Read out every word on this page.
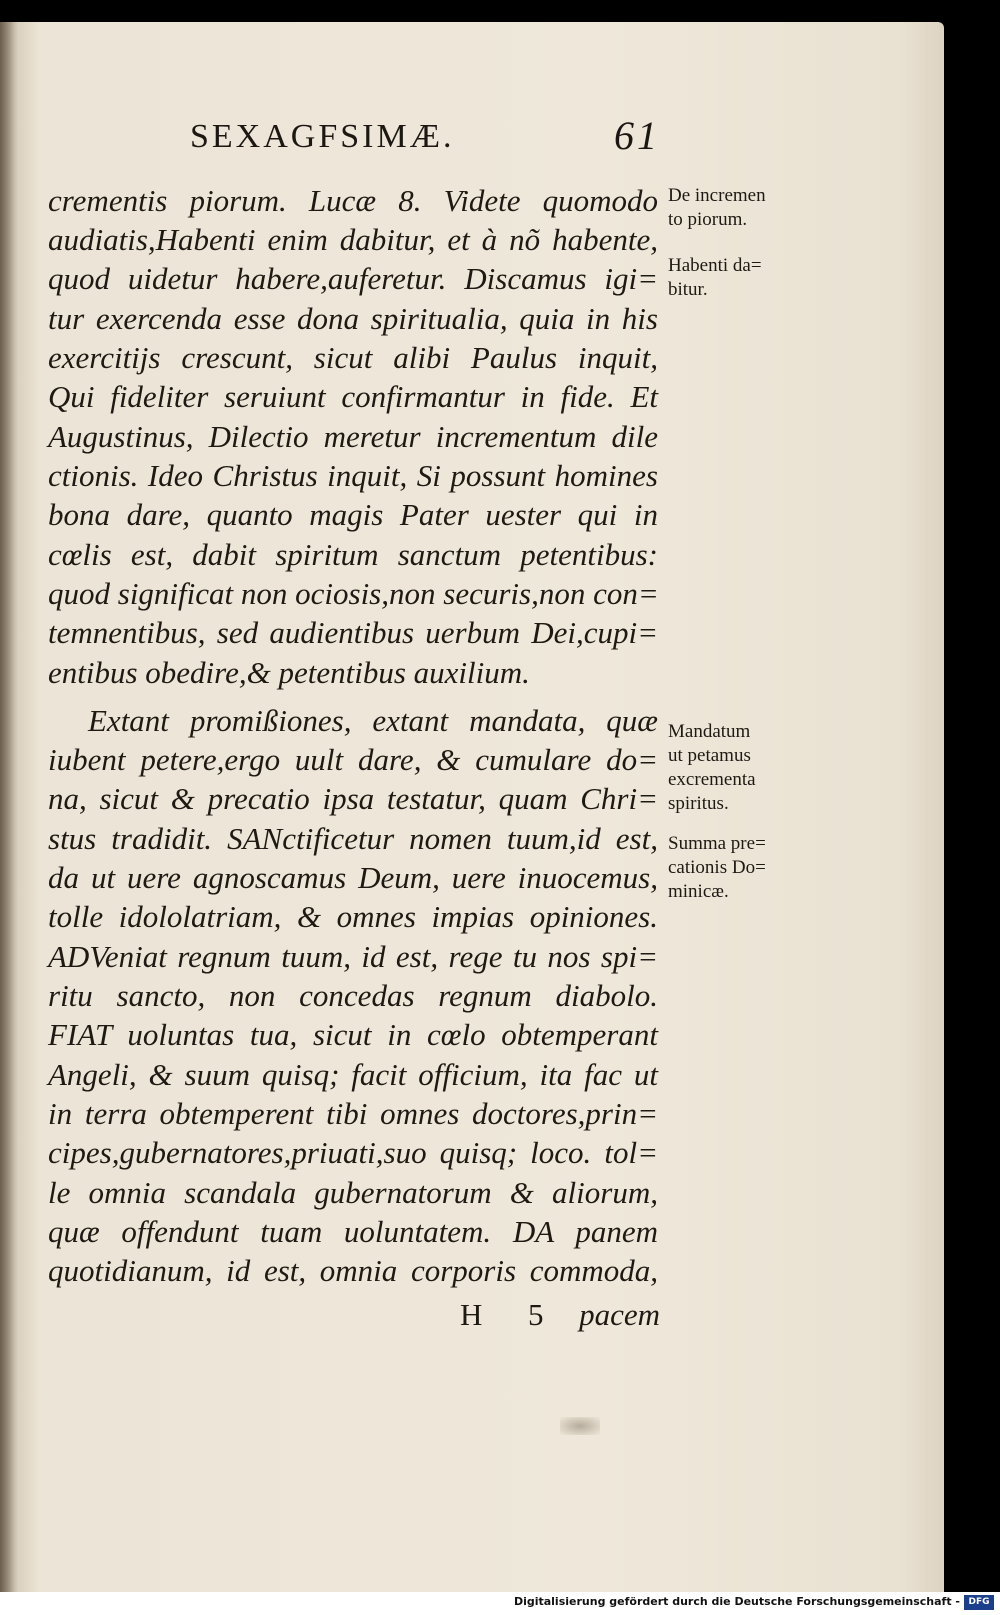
SEXAGFSIMÆ.	61
crementis piorum. Lucæ 8. Videte quomodo
audiatis,Habenti enim dabitur, et à nõ habente,
quod uidetur habere,auferetur. Discamus igi=
tur exercenda esse dona spiritualia, quia in his
exercitijs crescunt, sicut alibi Paulus inquit,
Qui fideliter seruiunt confirmantur in fide. Et
Augustinus, Dilectio meretur incrementum dile
ctionis. Ideo Christus inquit, Si possunt homines
bona dare, quanto magis Pater uester qui in
cœlis est, dabit spiritum sanctum petentibus:
quod significat non ociosis,non securis,non con=
temnentibus, sed audientibus uerbum Dei,cupi=
entibus obedire,& petentibus auxilium.
Extant promißiones, extant mandata, quæ
iubent petere,ergo uult dare, & cumulare do=
na, sicut & precatio ipsa testatur, quam Chri=
stus tradidit. SANctificetur nomen tuum,id est,
da ut uere agnoscamus Deum, uere inuocemus,
tolle idololatriam, & omnes impias opiniones.
ADVeniat regnum tuum, id est, rege tu nos spi=
ritu sancto, non concedas regnum diabolo.
FIAT uoluntas tua, sicut in cœlo obtemperant
Angeli, & suum quisq; facit officium, ita fac ut
in terra obtemperent tibi omnes doctores,prin=
cipes,gubernatores,priuati,suo quisq; loco. tol=
le omnia scandala gubernatorum & aliorum,
quæ offendunt tuam uoluntatem. DA panem
quotidianum, id est, omnia corporis commoda,
H 5 pacem
De incremen
to piorum.
Habenti da=
bitur.
Mandatum
ut petamus
excrementa
spiritus.
Summa pre=
cationis Do=
minicæ.
Digitalisierung gefördert durch die Deutsche Forschungsgemeinschaft - DFG
